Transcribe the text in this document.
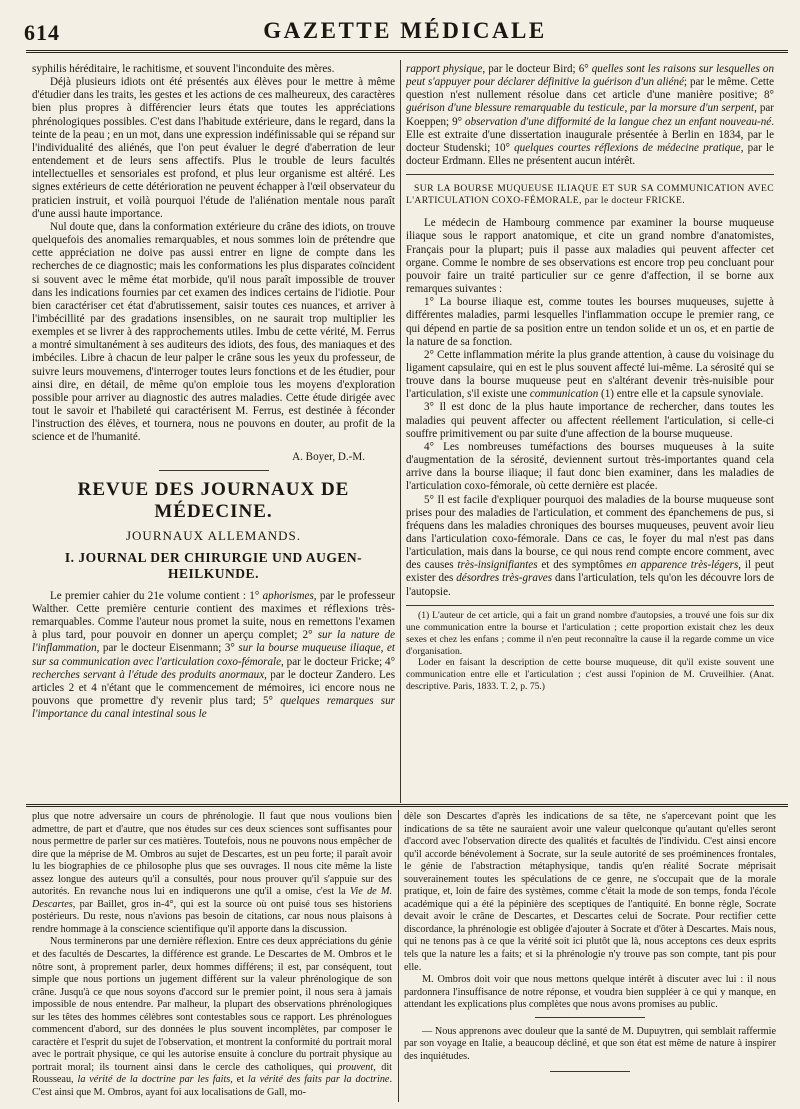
614	GAZETTE MÉDICALE

syphilis héréditaire, le rachitisme, et souvent l'inconduite des mères.

Déjà plusieurs idiots ont été présentés aux élèves pour le mettre à même d'étudier dans les traits, les gestes et les actions de ces malheureux, des caractères bien plus propres à différencier leurs états que toutes les appréciations phrénologiques possibles. C'est dans l'habitude extérieure, dans le regard, dans la teinte de la peau ; en un mot, dans une expression indéfinissable qui se répand sur l'individualité des aliénés, que l'on peut évaluer le degré d'aberration de leur entendement et de leurs sens affectifs. Plus le trouble de leurs facultés intellectuelles et sensoriales est profond, et plus leur organisme est altéré. Les signes extérieurs de cette détérioration ne peuvent échapper à l'œil observateur du praticien instruit, et voilà pourquoi l'étude de l'aliénation mentale nous paraît d'une aussi haute importance.

Nul doute que, dans la conformation extérieure du crâne des idiots, on trouve quelquefois des anomalies remarquables, et nous sommes loin de prétendre que cette appréciation ne doive pas aussi entrer en ligne de compte dans les recherches de ce diagnostic; mais les conformations les plus disparates coïncident si souvent avec le même état morbide, qu'il nous paraît impossible de trouver dans les indications fournies par cet examen des indices certains de l'idiotie. Pour bien caractériser cet état d'abrutissement, saisir toutes ces nuances, et arriver à l'imbécillité par des gradations insensibles, on ne saurait trop multiplier les exemples et se livrer à des rapprochements utiles. Imbu de cette vérité, M. Ferrus a montré simultanément à ses auditeurs des idiots, des fous, des maniaques et des imbéciles. Libre à chacun de leur palper le crâne sous les yeux du professeur, de suivre leurs mouvemens, d'interroger toutes leurs fonctions et de les étudier, pour ainsi dire, en détail, de même qu'on emploie tous les moyens d'exploration possible pour arriver au diagnostic des autres maladies. Cette étude dirigée avec tout le savoir et l'habileté qui caractérisent M. Ferrus, est destinée à féconder l'instruction des élèves, et tournera, nous ne pouvons en douter, au profit de la science et de l'humanité.

A. Boyer, D.-M.

REVUE DES JOURNAUX DE MÉDECINE.
JOURNAUX ALLEMANDS.
I. JOURNAL DER CHIRURGIE UND AUGEN-HEILKUNDE.

Le premier cahier du 21e volume contient : 1° aphorismes, par le professeur Walther. Cette première centurie contient des maximes et réflexions très-remarquables. Comme l'auteur nous promet la suite, nous en remettons l'examen à plus tard, pour pouvoir en donner un aperçu complet; 2° sur la nature de l'inflammation, par le docteur Eisenmann; 3° sur la bourse muqueuse iliaque, et sur sa communication avec l'articulation coxo-fémorale, par le docteur Fricke; 4° recherches servant à l'étude des produits anormaux, par le docteur Zandero. Les articles 2 et 4 n'étant que le commencement de mémoires, ici encore nous ne pouvons que promettre d'y revenir plus tard; 5° quelques remarques sur l'importance du canal intestinal sous le

rapport physique, par le docteur Bird; 6° quelles sont les raisons sur lesquelles on peut s'appuyer pour déclarer définitive la guérison d'un aliéné; par le même. Cette question n'est nullement résolue dans cet article d'une manière positive; 8° guérison d'une blessure remarquable du testicule, par la morsure d'un serpent, par Koeppen; 9° observation d'une difformité de la langue chez un enfant nouveau-né. Elle est extraite d'une dissertation inaugurale présentée à Berlin en 1834, par le docteur Studenski; 10° quelques courtes réflexions de médecine pratique, par le docteur Erdmann. Elles ne présentent aucun intérêt.

SUR LA BOURSE MUQUEUSE ILIAQUE ET SUR SA COMMUNICATION AVEC L'ARTICULATION COXO-FÉMORALE, par le docteur FRICKE.

Le médecin de Hambourg commence par examiner la bourse muqueuse iliaque sous le rapport anatomique, et cite un grand nombre d'anatomistes, Français pour la plupart; puis il passe aux maladies qui peuvent affecter cet organe. Comme le nombre de ses observations est encore trop peu concluant pour pouvoir faire un traité particulier sur ce genre d'affection, il se borne aux remarques suivantes :

1° La bourse iliaque est, comme toutes les bourses muqueuses, sujette à différentes maladies, parmi lesquelles l'inflammation occupe le premier rang, ce qui dépend en partie de sa position entre un tendon solide et un os, et en partie de la nature de sa fonction.

2° Cette inflammation mérite la plus grande attention, à cause du voisinage du ligament capsulaire, qui en est le plus souvent affecté lui-même. La sérosité qui se trouve dans la bourse muqueuse peut en s'altérant devenir très-nuisible pour l'articulation, s'il existe une communication (1) entre elle et la capsule synoviale.

3° Il est donc de la plus haute importance de rechercher, dans toutes les maladies qui peuvent affecter ou affectent réellement l'articulation, si celle-ci souffre primitivement ou par suite d'une affection de la bourse muqueuse.

4° Les nombreuses tuméfactions des bourses muqueuses à la suite d'augmentation de la sérosité, deviennent surtout très-importantes quand cela arrive dans la bourse iliaque; il faut donc bien examiner, dans les maladies de l'articulation coxo-fémorale, où cette dernière est placée.

5° Il est facile d'expliquer pourquoi des maladies de la bourse muqueuse sont prises pour des maladies de l'articulation, et comment des épanchemens de pus, si fréquens dans les maladies chroniques des bourses muqueuses, peuvent avoir lieu dans l'articulation coxo-fémorale. Dans ce cas, le foyer du mal n'est pas dans l'articulation, mais dans la bourse, ce qui nous rend compte encore comment, avec des causes très-insignifiantes et des symptômes en apparence très-légers, il peut exister des désordres très-graves dans l'articulation, tels qu'on les découvre lors de l'autopsie.

(1) L'auteur de cet article, qui a fait un grand nombre d'autopsies, a trouvé une fois sur dix une communication entre la bourse et l'articulation ; cette proportion existait chez les deux sexes et chez les enfans ; comme il n'en peut reconnaître la cause il la regarde comme un vice d'organisation.

Loder en faisant la description de cette bourse muqueuse, dit qu'il existe souvent une communication entre elle et l'articulation ; c'est aussi l'opinion de M. Cruveilhier. (Anat. descriptive. Paris, 1833. T. 2, p. 75.)

plus que notre adversaire un cours de phrénologie. Il faut que nous voulions bien admettre, de part et d'autre, que nos études sur ces deux sciences sont suffisantes pour nous permettre de parler sur ces matières. Toutefois, nous ne pouvons nous empêcher de dire que la méprise de M. Ombros au sujet de Descartes, est un peu forte; il paraît avoir lu les biographies de ce philosophe plus que ses ouvrages. Il nous cite même la liste assez longue des auteurs qu'il a consultés, pour nous prouver qu'il s'appuie sur des autorités. En revanche nous lui en indiquerons une qu'il a omise, c'est la Vie de M. Descartes, par Baillet, gros in-4°, qui est la source où ont puisé tous ses historiens postérieurs. Du reste, nous n'avions pas besoin de citations, car nous nous plaisons à rendre hommage à la conscience scientifique qu'il apporte dans la discussion.

Nous terminerons par une dernière réflexion. Entre ces deux appréciations du génie et des facultés de Descartes, la différence est grande. Le Descartes de M. Ombros et le nôtre sont, à proprement parler, deux hommes différens; il est, par conséquent, tout simple que nous portions un jugement différent sur la valeur phrénologique de son crâne. Jusqu'à ce que nous soyons d'accord sur le premier point, il nous sera à jamais impossible de nous entendre. Par malheur, la plupart des observations phrénologiques sur les têtes des hommes célèbres sont contestables sous ce rapport. Les phrénologues commencent d'abord, sur des données le plus souvent incomplètes, par composer le caractère et l'esprit du sujet de l'observation, et montrent la conformité du portrait moral avec le portrait physique, ce qui les autorise ensuite à conclure du portrait physique au portrait moral; ils tournent ainsi dans le cercle des catholiques, qui prouvent, dit Rousseau, la vérité de la doctrine par les faits, et la vérité des faits par la doctrine. C'est ainsi que M. Ombros, ayant foi aux localisations de Gall, mo-

dèle son Descartes d'après les indications de sa tête, ne s'apercevant point que les indications de sa tête ne sauraient avoir une valeur quelconque qu'autant qu'elles seront d'accord avec l'observation directe des qualités et facultés de l'individu. C'est ainsi encore qu'il accorde bénévolement à Socrate, sur la seule autorité de ses proéminences frontales, le génie de l'abstraction métaphysique, tandis qu'en réalité Socrate méprisait souverainement toutes les spéculations de ce genre, ne s'occupait que de la morale pratique, et, loin de faire des systèmes, comme c'était la mode de son temps, fonda l'école académique qui a été la pépinière des sceptiques de l'antiquité. En bonne règle, Socrate devait avoir le crâne de Descartes, et Descartes celui de Socrate. Pour rectifier cette discordance, la phrénologie est obligée d'ajouter à Socrate et d'ôter à Descartes. Mais nous, qui ne tenons pas à ce que la vérité soit ici plutôt que là, nous acceptons ces deux esprits tels que la nature les a faits; et si la phrénologie n'y trouve pas son compte, tant pis pour elle.

M. Ombros doit voir que nous mettons quelque intérêt à discuter avec lui : il nous pardonnera l'insuffisance de notre réponse, et voudra bien suppléer à ce qui y manque, en attendant les explications plus complètes que nous avons promises au public.

— Nous apprenons avec douleur que la santé de M. Dupuytren, qui semblait raffermie par son voyage en Italie, a beaucoup décliné, et que son état est même de nature à inspirer des inquiétudes.
